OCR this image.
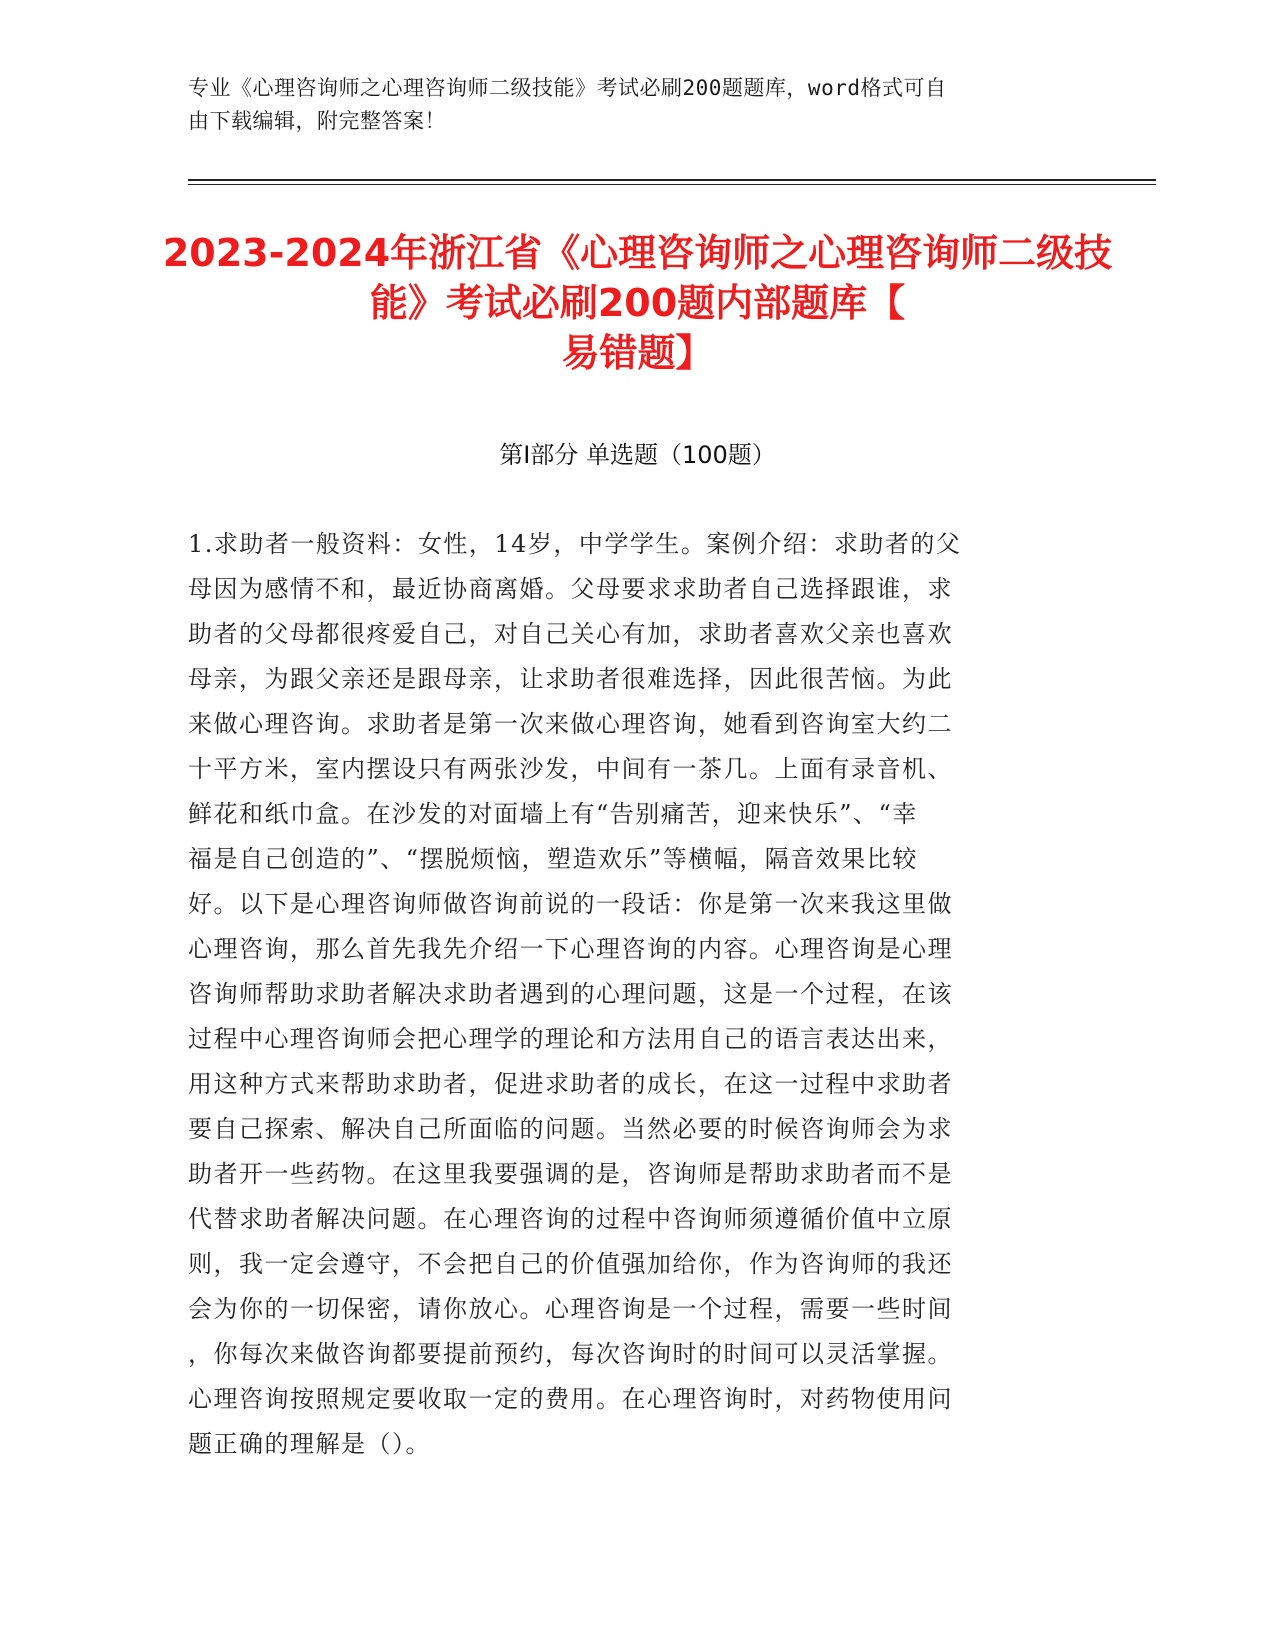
专业《心理咨询师之心理咨询师二级技能》考试必刷200题题库，word格式可自
由下载编辑，附完整答案！
2023-2024年浙江省《心理咨询师之心理咨询师二级技能》考试必刷200题内部题库【
易错题】
第I部分 单选题（100题）
1.求助者一般资料：女性，14岁，中学学生。案例介绍：求助者的父
母因为感情不和，最近协商离婚。父母要求求助者自己选择跟谁，求
助者的父母都很疼爱自己，对自己关心有加，求助者喜欢父亲也喜欢
母亲，为跟父亲还是跟母亲，让求助者很难选择，因此很苦恼。为此
来做心理咨询。求助者是第一次来做心理咨询，她看到咨询室大约二
十平方米，室内摆设只有两张沙发，中间有一茶几。上面有录音机、
鲜花和纸巾盒。在沙发的对面墙上有“告别痛苦，迎来快乐”、“幸
福是自己创造的”、“摆脱烦恼，塑造欢乐”等横幅，隔音效果比较
好。以下是心理咨询师做咨询前说的一段话：你是第一次来我这里做
心理咨询，那么首先我先介绍一下心理咨询的内容。心理咨询是心理
咨询师帮助求助者解决求助者遇到的心理问题，这是一个过程，在该
过程中心理咨询师会把心理学的理论和方法用自己的语言表达出来，
用这种方式来帮助求助者，促进求助者的成长，在这一过程中求助者
要自己探索、解决自己所面临的问题。当然必要的时候咨询师会为求
助者开一些药物。在这里我要强调的是，咨询师是帮助求助者而不是
代替求助者解决问题。在心理咨询的过程中咨询师须遵循价值中立原
则，我一定会遵守，不会把自己的价值强加给你，作为咨询师的我还
会为你的一切保密，请你放心。心理咨询是一个过程，需要一些时间
，你每次来做咨询都要提前预约，每次咨询时的时间可以灵活掌握。
心理咨询按照规定要收取一定的费用。在心理咨询时，对药物使用问
题正确的理解是（）。
